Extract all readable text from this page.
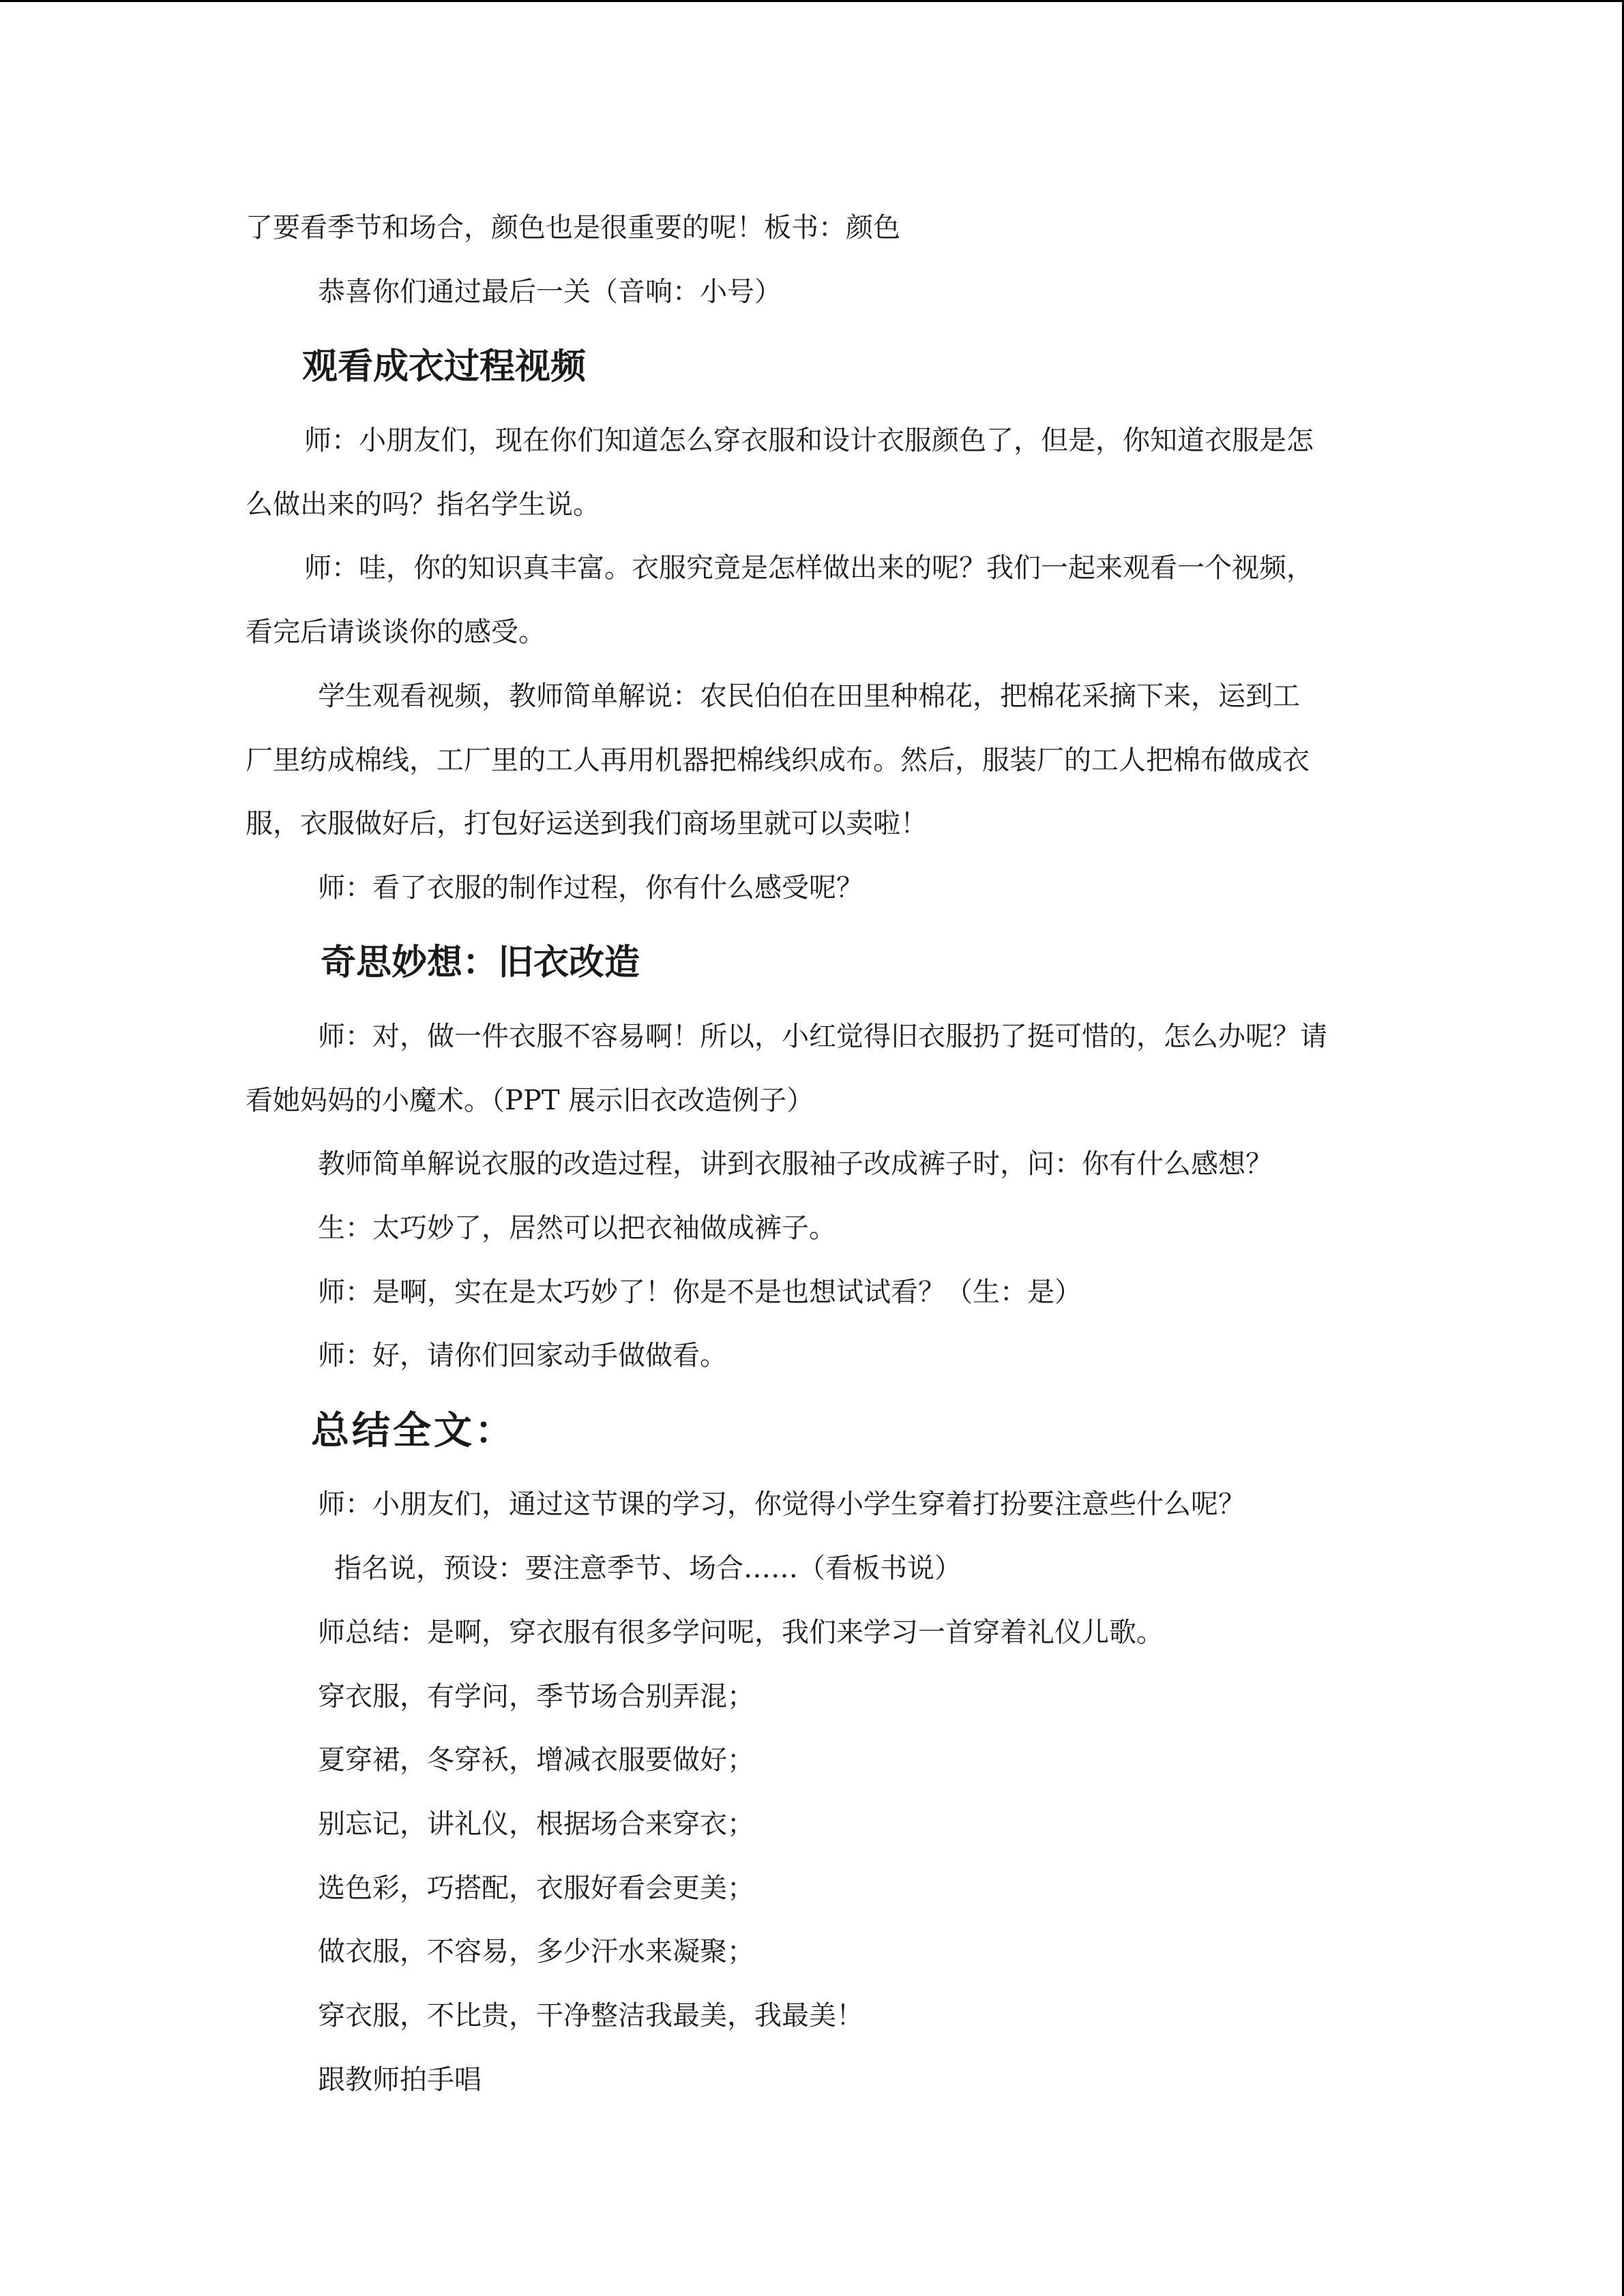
了要看季节和场合，颜色也是很重要的呢！板书：颜色
恭喜你们通过最后一关（音响：小号）
观看成衣过程视频
师：小朋友们，现在你们知道怎么穿衣服和设计衣服颜色了，但是，你知道衣服是怎
么做出来的吗？指名学生说。
师：哇，你的知识真丰富。衣服究竟是怎样做出来的呢？我们一起来观看一个视频，
看完后请谈谈你的感受。
学生观看视频，教师简单解说：农民伯伯在田里种棉花，把棉花采摘下来，运到工
厂里纺成棉线，工厂里的工人再用机器把棉线织成布。然后，服装厂的工人把棉布做成衣
服，衣服做好后，打包好运送到我们商场里就可以卖啦！
师：看了衣服的制作过程，你有什么感受呢？
奇思妙想：旧衣改造
师：对，做一件衣服不容易啊！所以，小红觉得旧衣服扔了挺可惜的，怎么办呢？请
看她妈妈的小魔术。（PPT 展示旧衣改造例子）
教师简单解说衣服的改造过程，讲到衣服袖子改成裤子时，问：你有什么感想？
生：太巧妙了，居然可以把衣袖做成裤子。
师：是啊，实在是太巧妙了！你是不是也想试试看？（生：是）
师：好，请你们回家动手做做看。
总结全文：
师：小朋友们，通过这节课的学习，你觉得小学生穿着打扮要注意些什么呢？
指名说，预设：要注意季节、场合……（看板书说）
师总结：是啊，穿衣服有很多学问呢，我们来学习一首穿着礼仪儿歌。
穿衣服，有学问，季节场合别弄混；
夏穿裙，冬穿袄，增减衣服要做好；
别忘记，讲礼仪，根据场合来穿衣；
选色彩，巧搭配，衣服好看会更美；
做衣服，不容易，多少汗水来凝聚；
穿衣服，不比贵，干净整洁我最美，我最美！
跟教师拍手唱
